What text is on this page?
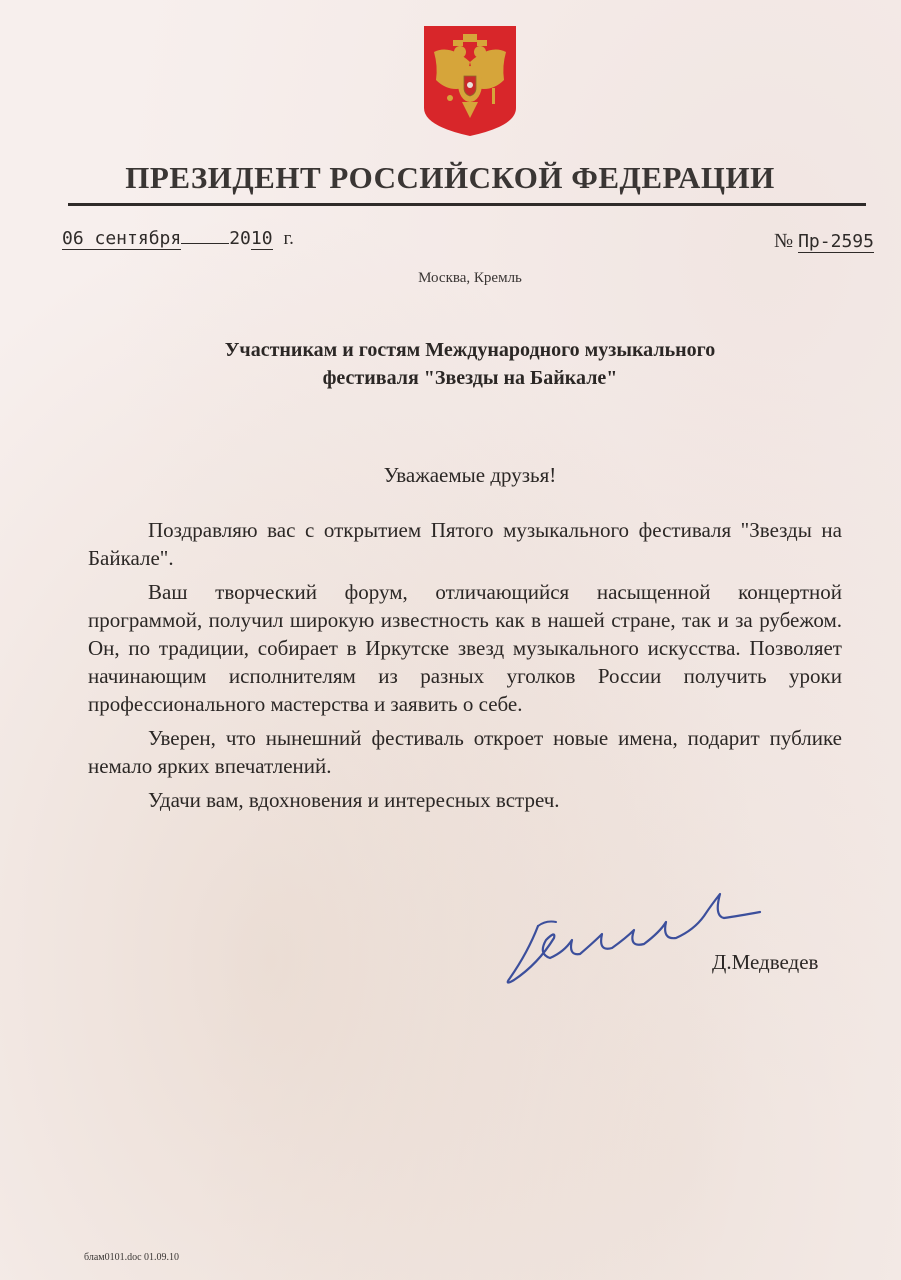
ПРЕЗИДЕНТ РОССИЙСКОЙ ФЕДЕРАЦИИ
06 сентября	2010 г.	№ Пр-2595
Москва, Кремль
Участникам и гостям Международного музыкального
фестиваля "Звезды на Байкале"
Уважаемые друзья!

Поздравляю вас с открытием Пятого музыкального фестиваля "Звезды на Байкале".

Ваш творческий форум, отличающийся насыщенной концертной программой, получил широкую известность как в нашей стране, так и за рубежом. Он, по традиции, собирает в Иркутске звезд музыкального искусства. Позволяет начинающим исполнителям из разных уголков России получить уроки профессионального мастерства и заявить о себе.

Уверен, что нынешний фестиваль откроет новые имена, подарит публике немало ярких впечатлений.

Удачи вам, вдохновения и интересных встреч.

Д.Медведев
блам0101.doc 01.09.10
